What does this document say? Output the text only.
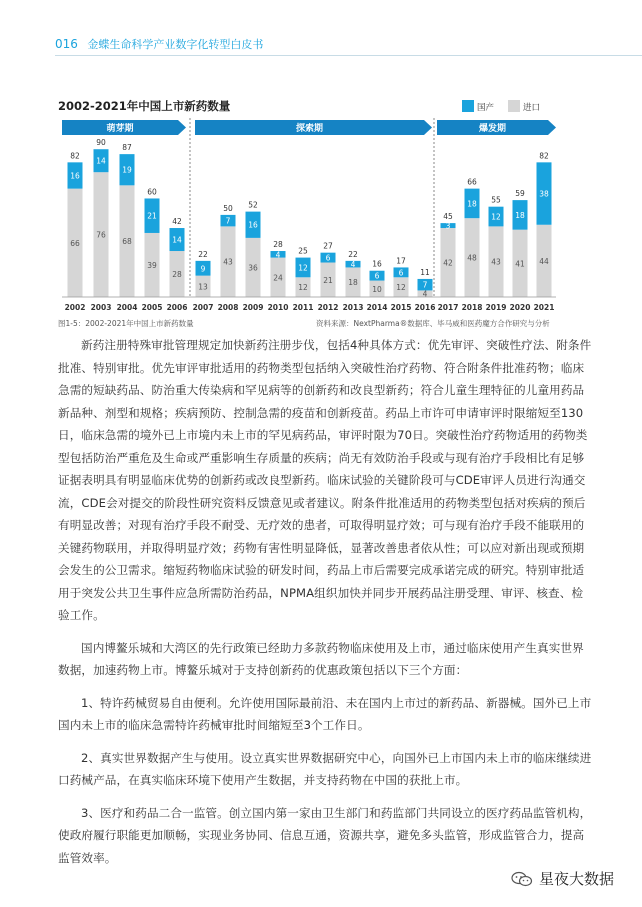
016 金蝶生命科学产业数字化转型白皮书
2002-2021年中国上市新药数量	国产	进口
萌芽期	探索期	爆发期
66
16
82
2002
76
14
90
2003
68
19
87
2004
39
21
60
2005
28
14
42
2006
13
9
22
2007
43
7
50
2008
36
16
52
2009
24
4
28
2010
12
12
25
2011
21
6
27
2012
18
4
22
2013
10
6
16
2014
12
6
17
2015
4
7
11
2016
42
3
45
2017
48
18
66
2018
43
12
55
2019
41
18
59
2020
44
38
82
2021
图1-5：2002-2021年中国上市新药数量	资料来源：NextPharma®数据库、毕马威和医药魔方合作研究与分析

新药注册特殊审批管理规定加快新药注册步伐，包括4种具体方式：优先审评、突破性疗法、附条件批准、特别审批。优先审评审批适用的药物类型包括纳入突破性治疗药物、符合附条件批准药物；临床急需的短缺药品、防治重大传染病和罕见病等的创新药和改良型新药；符合儿童生理特征的儿童用药品新品种、剂型和规格；疾病预防、控制急需的疫苗和创新疫苗。药品上市许可申请审评时限缩短至130日，临床急需的境外已上市境内未上市的罕见病药品，审评时限为70日。突破性治疗药物适用的药物类型包括防治严重危及生命或严重影响生存质量的疾病；尚无有效防治手段或与现有治疗手段相比有足够证据表明具有明显临床优势的创新药或改良型新药。临床试验的关键阶段可与CDE审评人员进行沟通交流，CDE会对提交的阶段性研究资料反馈意见或者建议。附条件批准适用的药物类型包括对疾病的预后有明显改善；对现有治疗手段不耐受、无疗效的患者，可取得明显疗效；可与现有治疗手段不能联用的关键药物联用，并取得明显疗效；药物有害性明显降低，显著改善患者依从性；可以应对新出现或预期会发生的公卫需求。缩短药物临床试验的研发时间，药品上市后需要完成承诺完成的研究。特别审批适用于突发公共卫生事件应急所需防治药品，NPMA组织加快并同步开展药品注册受理、审评、核查、检验工作。

国内博鳌乐城和大湾区的先行政策已经助力多款药物临床使用及上市，通过临床使用产生真实世界数据，加速药物上市。博鳌乐城对于支持创新药的优惠政策包括以下三个方面：

1、特许药械贸易自由便利。允许使用国际最前沿、未在国内上市过的新药品、新器械。国外已上市国内未上市的临床急需特许药械审批时间缩短至3个工作日。

2、真实世界数据产生与使用。设立真实世界数据研究中心，向国外已上市国内未上市的临床继续进口药械产品，在真实临床环境下使用产生数据，并支持药物在中国的获批上市。

3、医疗和药品二合一监管。创立国内第一家由卫生部门和药监部门共同设立的医疗药品监管机构，使政府履行职能更加顺畅，实现业务协同、信息互通，资源共享，避免多头监管，形成监管合力，提高监管效率。

星夜大数据
